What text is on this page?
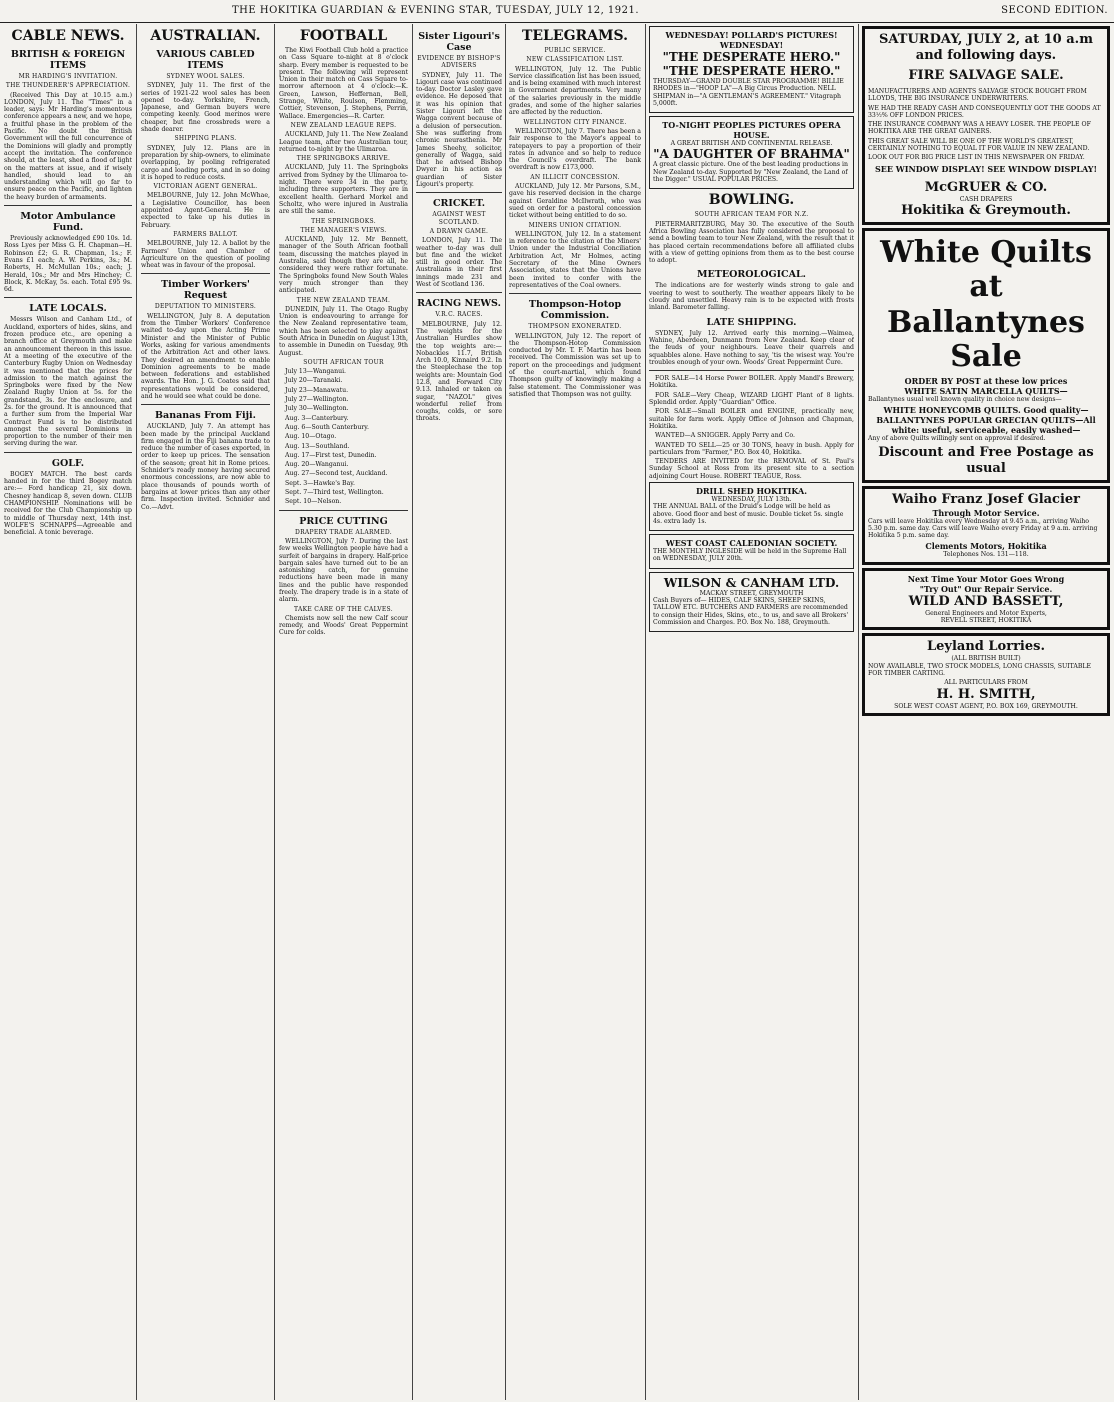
THE HOKITIKA GUARDIAN & EVENING STAR, TUESDAY, JULY 12, 1921.	SECOND EDITION.
CABLE NEWS.
BRITISH & FOREIGN ITEMS

MR HARDING'S INVITATION.

THE THUNDERER'S APPRECIATION.

(Received This Day at 10.15 a.m.) LONDON, July 11. The "Times" in a leader, says: Mr Harding's momentous conference appears a new, and we hope, a fruitful phase in the problem of the Pacific. No doubt the British Government will the full concurrence of the Dominions will gladly and promptly accept the invitation. The conference should, at the least, shed a flood of light on the matters at issue, and if wisely handled, should lead to an understanding which will go far to ensure peace on the Pacific, and lighten the heavy burden of armaments.

Motor Ambulance Fund.

Previously acknowledged £90 10s. 1d. Ross Lyes per Miss G. H. Chapman—H. Robinson £2; G. R. Chapman, 1s.; F. Evans £1 each; A. W. Perkins, 3s.; M. Roberts, H. McMullan 10s.; each; J. Herald, 10s.; Mr and Mrs Hinchey; C. Block, K. McKay, 5s. each. Total £95 9s. 6d.

LATE LOCALS.

Messrs Wilson and Canham Ltd., of Auckland, exporters of hides, skins, and frozen produce etc., are opening a branch office at Greymouth and make an announcement thereon in this issue. At a meeting of the executive of the Canterbury Rugby Union on Wednesday it was mentioned that the prices for admission to the match against the Springboks were fixed by the New Zealand Rugby Union at 5s. for the grandstand, 3s. for the enclosure, and 2s. for the ground. It is announced that a further sum from the Imperial War Contract Fund is to be distributed amongst the several Dominions in proportion to the number of their men serving during the war.

GOLF.

BOGEY MATCH. The best cards handed in for the third Bogey match are:— Ford handicap 21, six down. Chesney handicap 8, seven down. CLUB CHAMPIONSHIP. Nominations will be received for the Club Championship up to middle of Thursday next, 14th inst. WOLFE'S SCHNAPPS—Agreeable and beneficial. A tonic beverage.

AUSTRALIAN.
VARIOUS CABLED ITEMS

SYDNEY WOOL SALES.

SYDNEY, July 11. The first of the series of 1921-22 wool sales has been opened to-day. Yorkshire, French, Japanese, and German buyers were competing keenly. Good merinos were cheaper, but fine crossbreds were a shade dearer.

SHIPPING PLANS.

SYDNEY, July 12. Plans are in preparation by ship-owners, to eliminate overlapping, by pooling refrigerated cargo and loading ports, and in so doing it is hoped to reduce costs.

VICTORIAN AGENT GENERAL.

MELBOURNE, July 12. John McWhae, a Legislative Councillor, has been appointed Agent-General. He is expected to take up his duties in February.

FARMERS BALLOT.

MELBOURNE, July 12. A ballot by the Farmers' Union and Chamber of Agriculture on the question of pooling wheat was in favour of the proposal.

Timber Workers' Request

DEPUTATION TO MINISTERS.

WELLINGTON, July 8. A deputation from the Timber Workers' Conference waited to-day upon the Acting Prime Minister and the Minister of Public Works, asking for various amendments of the Arbitration Act and other laws. They desired an amendment to enable Dominion agreements to be made between federations and established awards. The Hon. J. G. Coates said that representations would be considered, and he would see what could be done.

Bananas From Fiji.

AUCKLAND, July 7. An attempt has been made by the principal Auckland firm engaged in the Fiji banana trade to reduce the number of cases exported, in order to keep up prices. The sensation of the season; great hit in Rome prices. Schnider's ready money having secured enormous concessions, are now able to place thousands of pounds worth of bargains at lower prices than any other firm. Inspection invited. Schnider and Co.—Advt.

FOOTBALL

The Kiwi Football Club hold a practice on Cass Square to-night at 8 o'clock sharp. Every member is requested to be present. The following will represent Union in their match on Cass Square to-morrow afternoon at 4 o'clock:—K. Green, Lawson, Heffernan, Bell, Strange, White, Roulson, Flemming, Cottier, Stevenson, J. Stephens, Perrin, Wallace. Emergencies—R. Carter.

NEW ZEALAND LEAGUE REPS.

AUCKLAND, July 11. The New Zealand League team, after two Australian tour, returned to-night by the Ulimaroa.

THE SPRINGBOKS ARRIVE.

AUCKLAND, July 11. The Springboks arrived from Sydney by the Ulimaroa to-night. There were 34 in the party, including three supporters. They are in excellent health. Gerhard Morkel and Scholtz, who were injured in Australia are still the same.

THE SPRINGBOKS.

THE MANAGER'S VIEWS.

AUCKLAND, July 12. Mr Bennett, manager of the South African football team, discussing the matches played in Australia, said though they are all, he considered they were rather fortunate. The Springboks found New South Wales very much stronger than they anticipated.

THE NEW ZEALAND TEAM.

DUNEDIN, July 11. The Otago Rugby Union is endeavouring to arrange for the New Zealand representative team, which has been selected to play against South Africa in Dunedin on August 13th, to assemble in Dunedin on Tuesday, 9th August.

SOUTH AFRICAN TOUR

July 13—Wanganui.

July 20—Taranaki.

July 23—Manawatu.

July 27—Wellington.

July 30—Wellington.

Aug. 3—Canterbury.

Aug. 6—South Canterbury.

Aug. 10—Otago.

Aug. 13—Southland.

Aug. 17—First test, Dunedin.

Aug. 20—Wanganui.

Aug. 27—Second test, Auckland.

Sept. 3—Hawke's Bay.

Sept. 7—Third test, Wellington.

Sept. 10—Nelson.

PRICE CUTTING

DRAPERY TRADE ALARMED.

WELLINGTON, July 7. During the last few weeks Wellington people have had a surfeit of bargains in drapery. Half-price bargain sales have turned out to be an astonishing catch, for genuine reductions have been made in many lines and the public have responded freely. The drapery trade is in a state of alarm.

TAKE CARE OF THE CALVES.

Chemists now sell the new Calf scour remedy, and Woods' Great Peppermint Cure for colds.

Sister Ligouri's Case

EVIDENCE BY BISHOP'S ADVISERS

SYDNEY, July 11. The Ligouri case was continued to-day. Doctor Lasley gave evidence. He deposed that it was his opinion that Sister Ligouri left the Wagga convent because of a delusion of persecution. She was suffering from chronic neurasthenia. Mr James Sheehy, solicitor, generally of Wagga, said that he advised Bishop Dwyer in his action as guardian of Sister Ligouri's property.

CRICKET.

AGAINST WEST SCOTLAND.

A DRAWN GAME.

LONDON, July 11. The weather to-day was dull but fine and the wicket still in good order. The Australians in their first innings made 231 and West of Scotland 136.

RACING NEWS.

V.R.C. RACES.

MELBOURNE, July 12. The weights for the Australian Hurdles show the top weights are:—Nobackies 11.7, British Arch 10.0, Kinnaird 9.2. In the Steeplechase the top weights are: Mountain God 12.8, and Forward City 9.13. Inhaled or taken on sugar, "NAZOL" gives wonderful relief from coughs, colds, or sore throats.

TELEGRAMS.

PUBLIC SERVICE.

NEW CLASSIFICATION LIST.

WELLINGTON, July 12. The Public Service classification list has been issued, and is being examined with much interest in Government departments. Very many of the salaries previously in the middle grades, and some of the higher salaries are affected by the reduction.

WELLINGTON CITY FINANCE.

WELLINGTON, July 7. There has been a fair response to the Mayor's appeal to ratepayers to pay a proportion of their rates in advance and so help to reduce the Council's overdraft. The bank overdraft is now £173,000.

AN ILLICIT CONCESSION.

AUCKLAND, July 12. Mr Parsons, S.M., gave his reserved decision in the charge against Geraldine McIlwrath, who was sued on order for a pastoral concession ticket without being entitled to do so.

MINERS UNION CITATION.

WELLINGTON, July 12. In a statement in reference to the citation of the Miners' Union under the Industrial Conciliation Arbitration Act, Mr Holmes, acting Secretary of the Mine Owners Association, states that the Unions have been invited to confer with the representatives of the Coal owners.

Thompson-Hotop Commission.

THOMPSON EXONERATED.

WELLINGTON, July 12. The report of the Thompson-Hotop Commission conducted by Mr. T. F. Martin has been received. The Commission was set up to report on the proceedings and judgment of the court-martial, which found Thompson guilty of knowingly making a false statement. The Commissioner was satisfied that Thompson was not guilty.

WEDNESDAY! POLLARD'S PICTURES! WEDNESDAY!
"THE DESPERATE HERO." "THE DESPERATE HERO."

THURSDAY—GRAND DOUBLE STAR PROGRAMME! BILLIE RHODES in—"HOOP LA"—A Big Circus Production. NELL SHIPMAN in—"A GENTLEMAN'S AGREEMENT." Vitagraph 5,000ft.

TO-NIGHT PEOPLES PICTURES OPERA HOUSE.
A GREAT BRITISH AND CONTINENTAL RELEASE.
"A DAUGHTER OF BRAHMA"

A great classic picture. One of the best leading productions in New Zealand to-day. Supported by "New Zealand, the Land of the Digger." USUAL POPULAR PRICES.

BOWLING.

SOUTH AFRICAN TEAM FOR N.Z.

PIETERMARITZBURG, May 30. The executive of the South Africa Bowling Association has fully considered the proposal to send a bowling team to tour New Zealand, with the result that it has placed certain recommendations before all affiliated clubs with a view of getting opinions from them as to the best course to adopt.

METEOROLOGICAL.

The indications are for westerly winds strong to gale and veering to west to southerly. The weather appears likely to be cloudy and unsettled. Heavy rain is to be expected with frosts inland. Barometer falling.

LATE SHIPPING.

SYDNEY, July 12. Arrived early this morning.—Waimea, Wahine, Aberdeen, Dunmann from New Zealand. Keep clear of the feuds of your neighbours. Leave their quarrels and squabbles alone. Have nothing to say, 'tis the wisest way. You're troubles enough of your own. Woods' Great Peppermint Cure.

FOR SALE—14 Horse Power BOILER. Apply Mandl's Brewery, Hokitika.

FOR SALE—Very Cheap, WIZARD LIGHT Plant of 8 lights. Splendid order. Apply "Guardian" Office.

FOR SALE—Small BOILER and ENGINE, practically new, suitable for farm work. Apply Office of Johnson and Chapman, Hokitika.

WANTED—A SNIGGER. Apply Perry and Co.

WANTED TO SELL—25 or 30 TONS, heavy in bush. Apply for particulars from "Farmer," P.O. Box 40, Hokitika.

TENDERS ARE INVITED for the REMOVAL of St. Paul's Sunday School at Ross from its present site to a section adjoining Court House. ROBERT TEAGUE, Ross.

DRILL SHED HOKITIKA.
WEDNESDAY, JULY 13th.

THE ANNUAL BALL of the Druid's Lodge will be held as above. Good floor and best of music. Double ticket 5s. single 4s. extra lady 1s.

WEST COAST CALEDONIAN SOCIETY.

THE MONTHLY INGLESIDE will be held in the Supreme Hall on WEDNESDAY, JULY 20th.

WILSON & CANHAM LTD.
MACKAY STREET, GREYMOUTH

Cash Buyers of— HIDES, CALF SKINS, SHEEP SKINS, TALLOW ETC. BUTCHERS AND FARMERS are recommended to consign their Hides, Skins, etc., to us, and save all Brokers' Commission and Charges. P.O. Box No. 188, Greymouth.

SATURDAY, JULY 2, at 10 a.m and following days.
FIRE SALVAGE SALE.

MANUFACTURERS AND AGENTS SALVAGE STOCK BOUGHT FROM LLOYDS, THE BIG INSURANCE UNDERWRITERS.

WE HAD THE READY CASH AND CONSEQUENTLY GOT THE GOODS AT 33½% OFF LONDON PRICES.

THE INSURANCE COMPANY WAS A HEAVY LOSER. THE PEOPLE OF HOKITIKA ARE THE GREAT GAINERS.

THIS GREAT SALE WILL BE ONE OF THE WORLD'S GREATEST, CERTAINLY NOTHING TO EQUAL IT FOR VALUE IN NEW ZEALAND.

LOOK OUT FOR BIG PRICE LIST IN THIS NEWSPAPER ON FRIDAY.

SEE WINDOW DISPLAY! SEE WINDOW DISPLAY!
McGRUER & CO.
CASH DRAPERS
Hokitika & Greymouth.
White Quilts at
Ballantynes Sale
ORDER BY POST at these low prices
WHITE SATIN MARCELLA QUILTS—

Ballantynes usual well known quality in choice new designs—

WHITE HONEYCOMB QUILTS. Good quality—
BALLANTYNES POPULAR GRECIAN QUILTS—All white: useful, serviceable, easily washed—

Any of above Quilts willingly sent on approval if desired.

Discount and Free Postage as usual
Waiho Franz Josef Glacier
Through Motor Service.

Cars will leave Hokitika every Wednesday at 9.45 a.m., arriving Waiho 5.30 p.m. same day. Cars will leave Waiho every Friday at 9 a.m. arriving Hokitika 5 p.m. same day.

Clements Motors, Hokitika
Telephones Nos. 131—118.
Next Time Your Motor Goes Wrong
"Try Out" Our Repair Service.
WILD AND BASSETT,
General Engineers and Motor Experts,
REVELL STREET, HOKITIKA
Leyland Lorries.
(ALL BRITISH BUILT)

NOW AVAILABLE, TWO STOCK MODELS, LONG CHASSIS, SUITABLE FOR TIMBER CARTING.

ALL PARTICULARS FROM
H. H. SMITH,
SOLE WEST COAST AGENT, P.O. BOX 169, GREYMOUTH.
